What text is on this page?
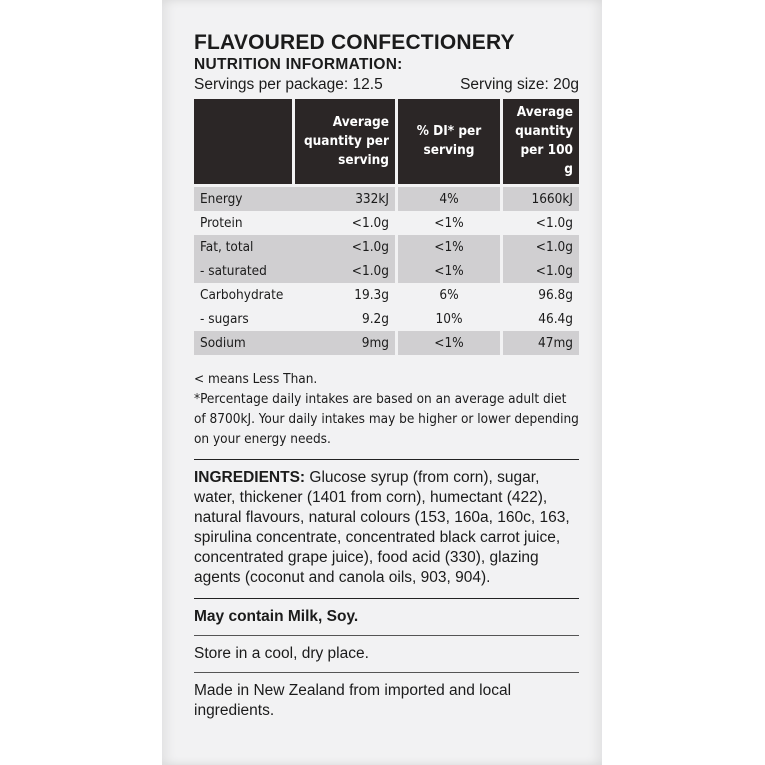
FLAVOURED CONFECTIONERY
NUTRITION INFORMATION:
Servings per package: 12.5	Serving size: 20g
	Average quantity per serving	% DI* per serving	Average quantity per 100 g
Energy	332kJ	4%	1660kJ
Protein	<1.0g	<1%	<1.0g
Fat, total	<1.0g	<1%	<1.0g
- saturated	<1.0g	<1%	<1.0g
Carbohydrate	19.3g	6%	96.8g
- sugars	9.2g	10%	46.4g
Sodium	9mg	<1%	47mg
< means Less Than.
*Percentage daily intakes are based on an average adult diet of 8700kJ. Your daily intakes may be higher or lower depending on your energy needs.
INGREDIENTS: Glucose syrup (from corn), sugar, water, thickener (1401 from corn), humectant (422), natural flavours, natural colours (153, 160a, 160c, 163, spirulina concentrate, concentrated black carrot juice, concentrated grape juice), food acid (330), glazing agents (coconut and canola oils, 903, 904).
May contain Milk, Soy.
Store in a cool, dry place.
Made in New Zealand from imported and local ingredients.
